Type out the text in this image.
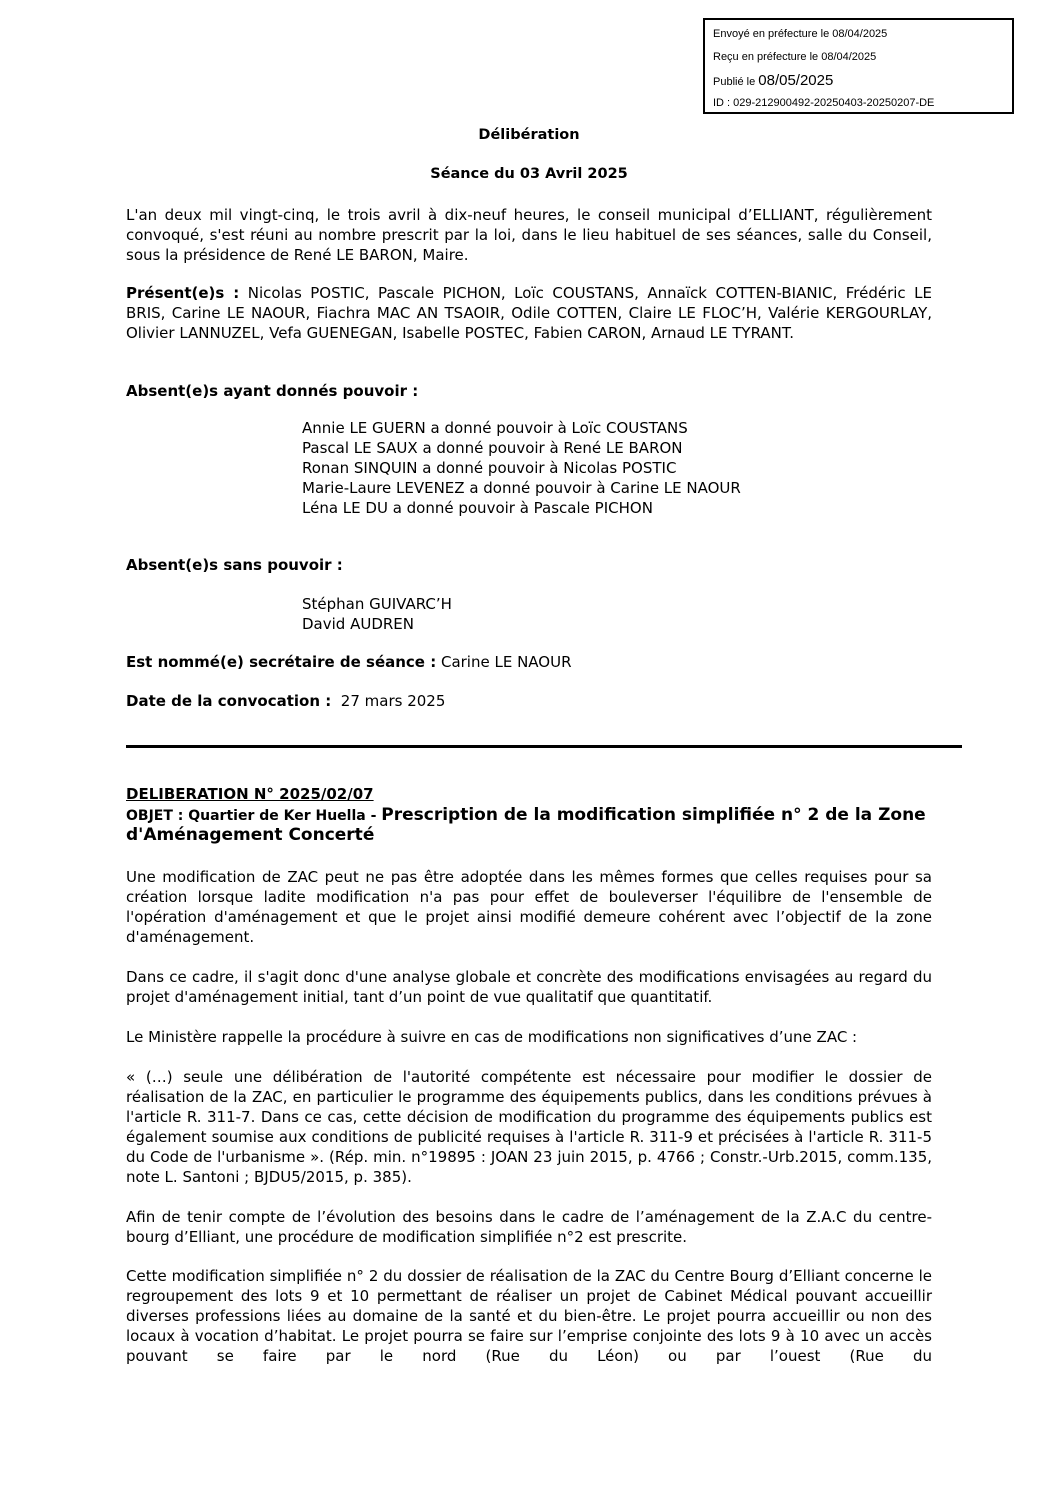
Envoyé en préfecture le 08/04/2025
Reçu en préfecture le 08/04/2025
Publié le 08/05/2025
ID : 029-212900492-20250403-20250207-DE
Délibération
Séance du 03 Avril 2025
L'an deux mil vingt-cinq, le trois avril à dix-neuf heures, le conseil municipal d’ELLIANT, régulièrement convoqué, s'est réuni au nombre prescrit par la loi, dans le lieu habituel de ses séances, salle du Conseil, sous la présidence de René LE BARON, Maire.
Présent(e)s : Nicolas POSTIC, Pascale PICHON, Loïc COUSTANS, Annaïck COTTEN-BIANIC, Frédéric LE BRIS, Carine LE NAOUR, Fiachra MAC AN TSAOIR, Odile COTTEN, Claire LE FLOC’H, Valérie KERGOURLAY, Olivier LANNUZEL, Vefa GUENEGAN, Isabelle POSTEC, Fabien CARON, Arnaud LE TYRANT.
Absent(e)s ayant donnés pouvoir :
Annie LE GUERN a donné pouvoir à Loïc COUSTANS
Pascal LE SAUX a donné pouvoir à René LE BARON
Ronan SINQUIN a donné pouvoir à Nicolas POSTIC
Marie-Laure LEVENEZ a donné pouvoir à Carine LE NAOUR
Léna LE DU a donné pouvoir à Pascale PICHON
Absent(e)s sans pouvoir :
Stéphan GUIVARC’H
David AUDREN
Est nommé(e) secrétaire de séance : Carine LE NAOUR
Date de la convocation :  27 mars 2025
DELIBERATION N° 2025/02/07
OBJET : Quartier de Ker Huella - Prescription de la modification simplifiée n° 2 de la Zone d'Aménagement Concerté
Une modification de ZAC peut ne pas être adoptée dans les mêmes formes que celles requises pour sa création lorsque ladite modification n'a pas pour effet de bouleverser l'équilibre de l'ensemble de l'opération d'aménagement et que le projet ainsi modifié demeure cohérent avec l’objectif de la zone d'aménagement.
Dans ce cadre, il s'agit donc d'une analyse globale et concrète des modifications envisagées au regard du projet d'aménagement initial, tant d’un point de vue qualitatif que quantitatif.
Le Ministère rappelle la procédure à suivre en cas de modifications non significatives d’une ZAC :
« (…) seule une délibération de l'autorité compétente est nécessaire pour modifier le dossier de réalisation de la ZAC, en particulier le programme des équipements publics, dans les conditions prévues à l'article R. 311-7. Dans ce cas, cette décision de modification du programme des équipements publics est également soumise aux conditions de publicité requises à l'article R. 311-9 et précisées à l'article R. 311-5 du Code de l'urbanisme ». (Rép. min. n°19895 : JOAN 23 juin 2015, p. 4766 ; Constr.-Urb.2015, comm.135, note L. Santoni ; BJDU5/2015, p. 385).
Afin de tenir compte de l’évolution des besoins dans le cadre de l’aménagement de la Z.A.C du centre-bourg d’Elliant, une procédure de modification simplifiée n°2 est prescrite.
Cette modification simplifiée n° 2 du dossier de réalisation de la ZAC du Centre Bourg d’Elliant concerne le regroupement des lots 9 et 10 permettant de réaliser un projet de Cabinet Médical pouvant accueillir diverses professions liées au domaine de la santé et du bien-être. Le projet pourra accueillir ou non des locaux à vocation d’habitat. Le projet pourra se faire sur l’emprise conjointe des lots 9 à 10 avec un accès pouvant se faire par le nord (Rue du Léon) ou par l’ouest (Rue du
